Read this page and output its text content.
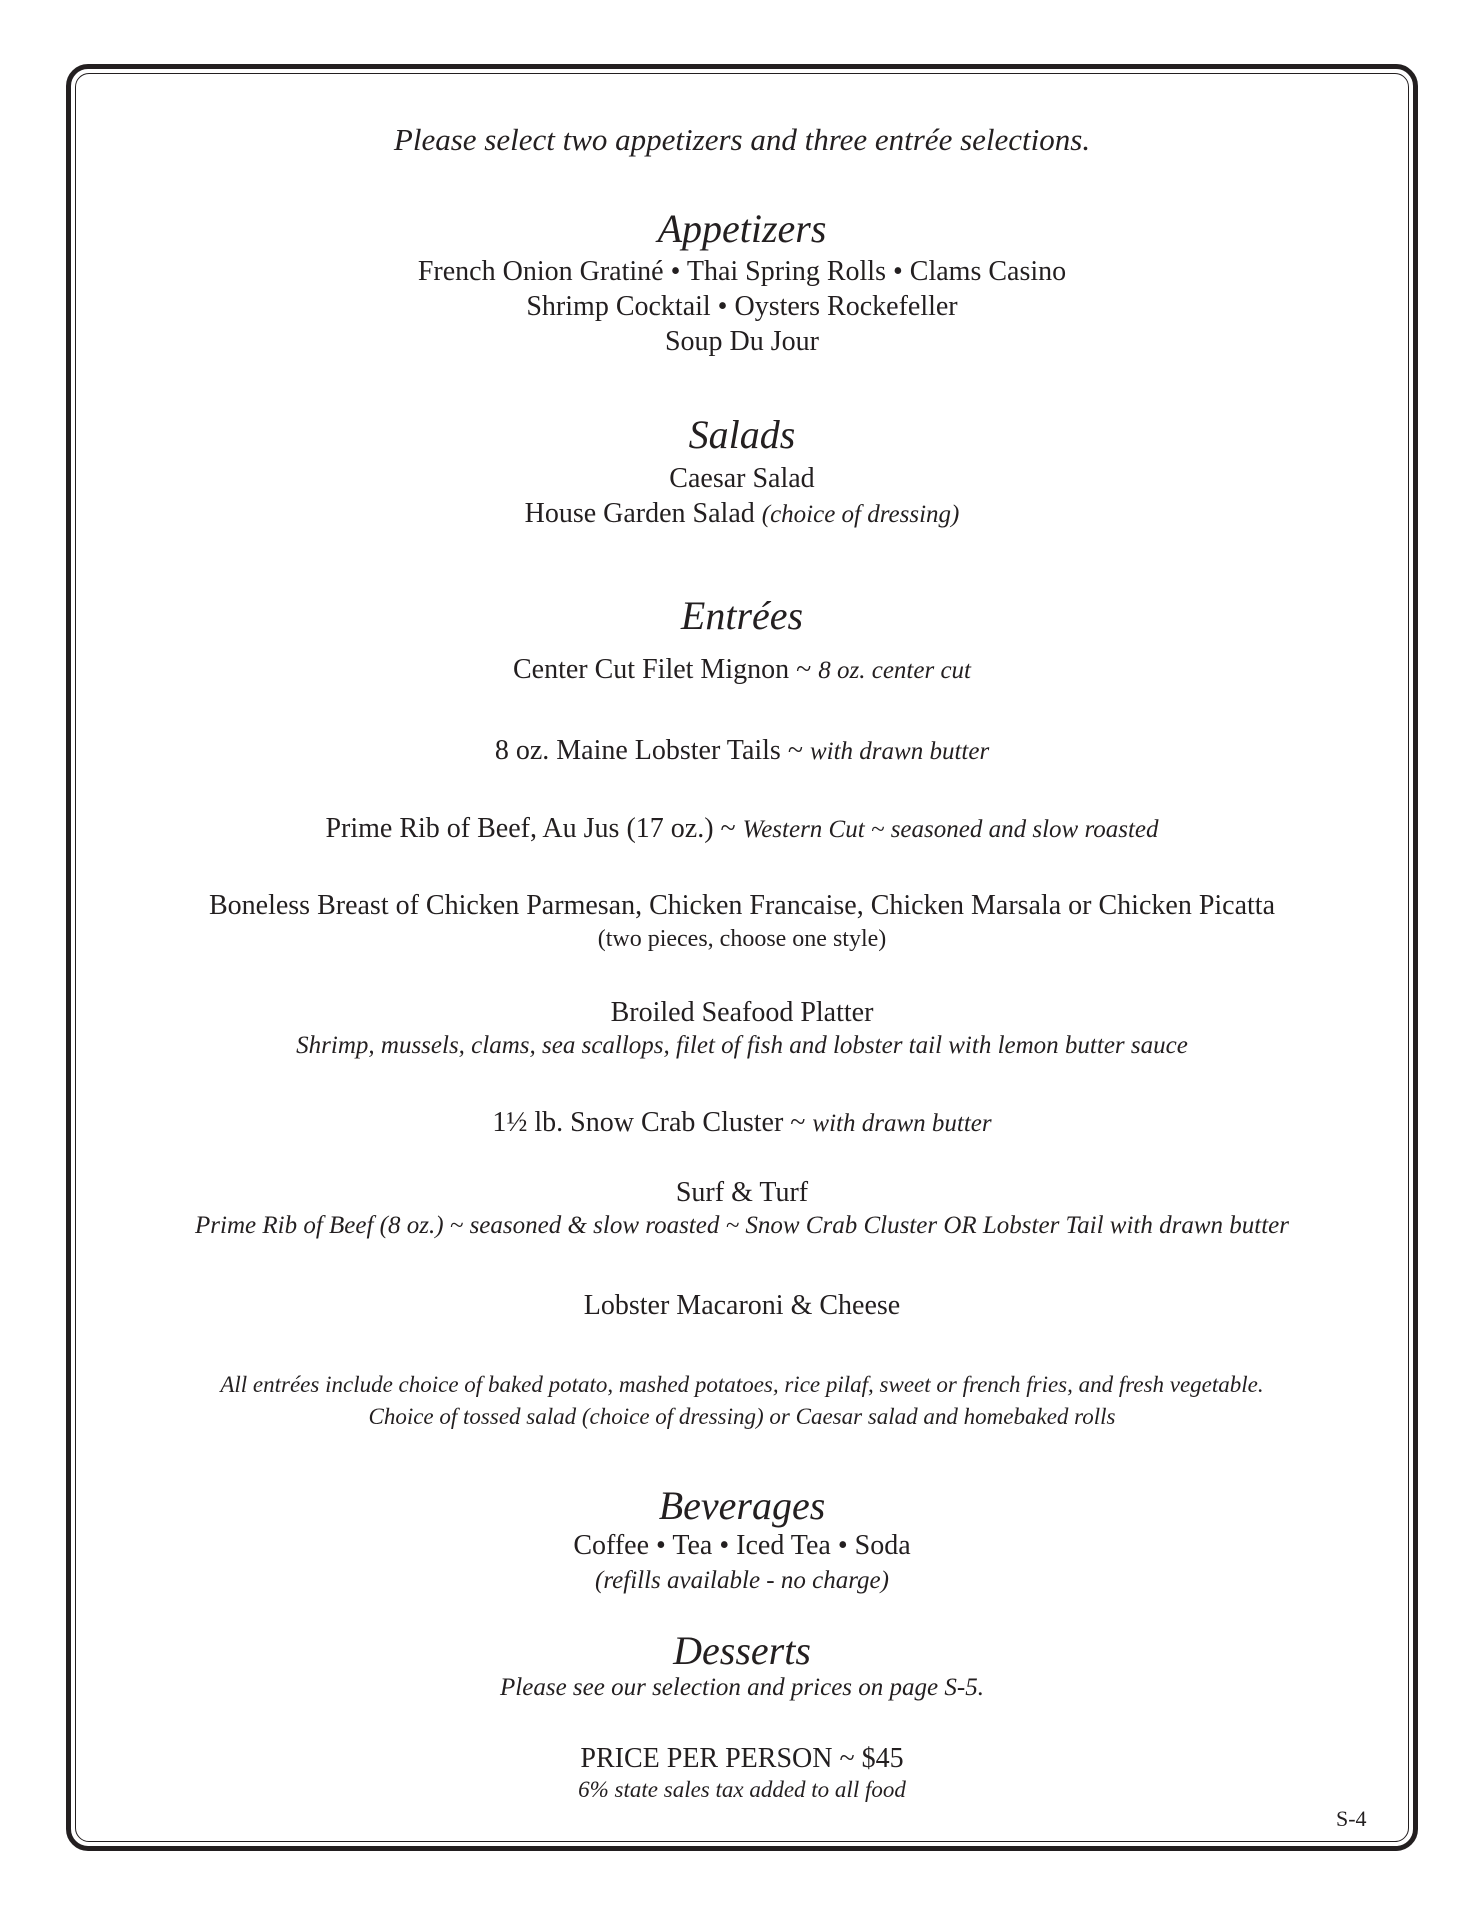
Please select two appetizers and three entrée selections.
Appetizers
French Onion Gratiné • Thai Spring Rolls • Clams Casino
Shrimp Cocktail • Oysters Rockefeller
Soup Du Jour
Salads
Caesar Salad
House Garden Salad (choice of dressing)
Entrées
Center Cut Filet Mignon ~ 8 oz. center cut
8 oz. Maine Lobster Tails ~ with drawn butter
Prime Rib of Beef, Au Jus (17 oz.) ~ Western Cut ~ seasoned and slow roasted
Boneless Breast of Chicken Parmesan, Chicken Francaise, Chicken Marsala or Chicken Picatta
(two pieces, choose one style)
Broiled Seafood Platter
Shrimp, mussels, clams, sea scallops, filet of fish and lobster tail with lemon butter sauce
1½ lb. Snow Crab Cluster ~ with drawn butter
Surf & Turf
Prime Rib of Beef (8 oz.) ~ seasoned & slow roasted ~ Snow Crab Cluster OR Lobster Tail with drawn butter
Lobster Macaroni & Cheese
All entrées include choice of baked potato, mashed potatoes, rice pilaf, sweet or french fries, and fresh vegetable.
Choice of tossed salad (choice of dressing) or Caesar salad and homebaked rolls
Beverages
Coffee • Tea • Iced Tea • Soda
(refills available - no charge)
Desserts
Please see our selection and prices on page S-5.
PRICE PER PERSON ~ $45
6% state sales tax added to all food
S-4
